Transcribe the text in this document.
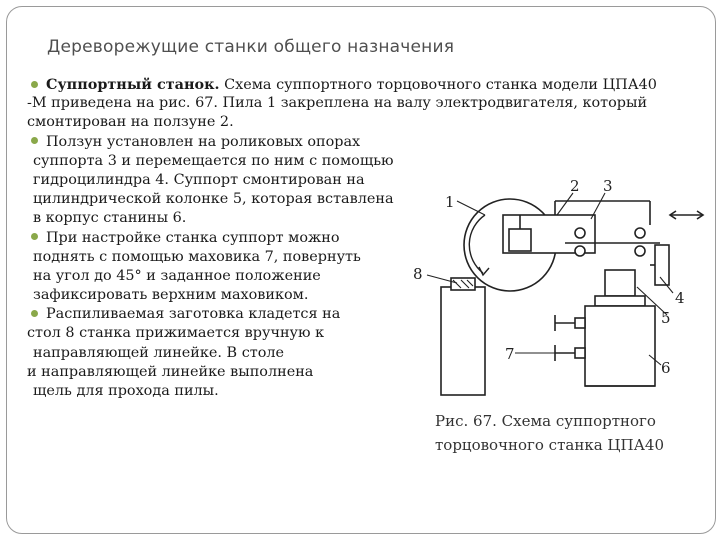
Дереворежущие станки общего назначения
Суппортный станок. Схема суппортного торцовочного станка модели ЦПА40
-М приведена на рис. 67. Пила 1 закреплена на валу электродвигателя, который
смонтирован на ползуне 2.
Ползун установлен на роликовых опорах
суппорта 3 и перемещается по ним с помощью
гидроцилиндра 4. Суппорт смонтирован на
цилиндрической колонке 5, которая вставлена
в корпус станины 6.
При настройке станка суппорт можно
поднять с помощью маховика 7, повернуть
на угол до 45° и заданное положение
зафиксировать верхним маховиком.
Распиливаемая заготовка кладется на
стол 8 станка прижимается вручную к
направляющей линейке. В столе
и направляющей линейке выполнена
щель для прохода пилы.
1
2 3
4
5
6
7
8
Рис. 67. Схема суппортного
торцовочного станка ЦПА40
